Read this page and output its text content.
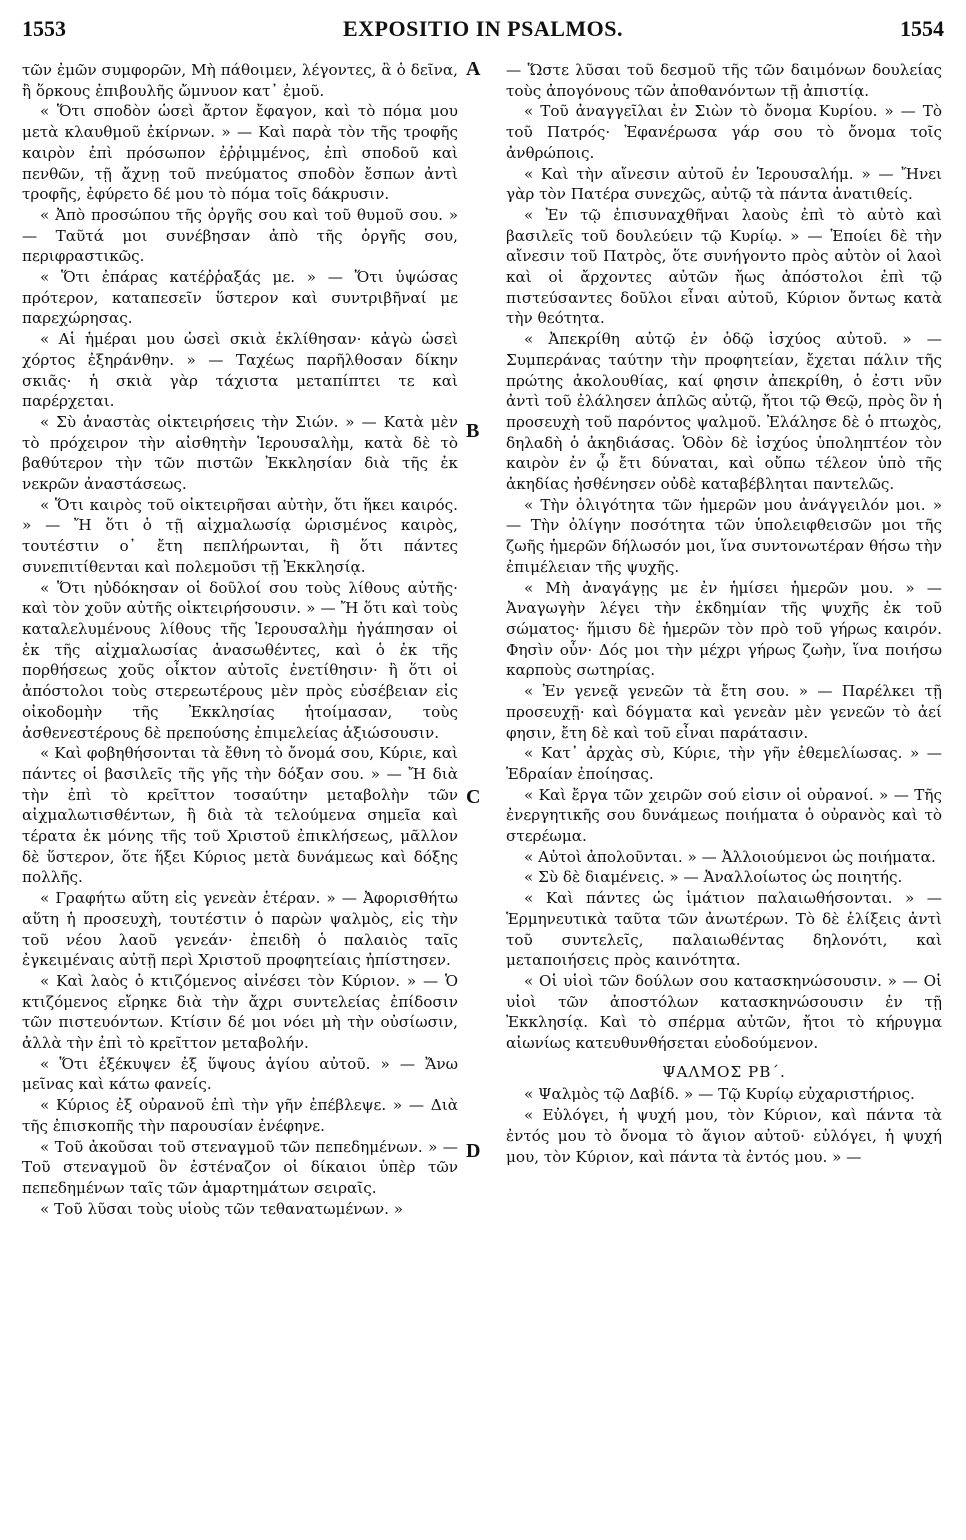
1553	EXPOSITIO IN PSALMOS.	1554
A
B
C
D

τῶν ἐμῶν συμφορῶν, Μὴ πάθοιμεν, λέγοντες, ἃ ὁ δεῖνα, ἢ ὅρκους ἐπιβουλῆς ὤμνυον κατ᾽ ἐμοῦ.

« Ὅτι σποδὸν ὡσεὶ ἄρτον ἔφαγον, καὶ τὸ πόμα μου μετὰ κλαυθμοῦ ἐκίρνων. » — Καὶ παρὰ τὸν τῆς τροφῆς καιρὸν ἐπὶ πρόσωπον ἐῤῥιμμένος, ἐπὶ σποδοῦ καὶ πενθῶν, τῇ ἄχνῃ τοῦ πνεύματος σποδὸν ἔσπων ἀντὶ τροφῆς, ἐφύρετο δέ μου τὸ πόμα τοῖς δάκρυσιν.

« Ἀπὸ προσώπου τῆς ὀργῆς σου καὶ τοῦ θυμοῦ σου. » — Ταῦτά μοι συνέβησαν ἀπὸ τῆς ὀργῆς σου, περιφραστικῶς.

« Ὅτι ἐπάρας κατέῤῥαξάς με. » — Ὅτι ὑψώσας πρότερον, καταπεσεῖν ὕστερον καὶ συντριβῆναί με παρεχώρησας.

« Αἱ ἡμέραι μου ὡσεὶ σκιὰ ἐκλίθησαν· κἀγὼ ὡσεὶ χόρτος ἐξηράνθην. » — Ταχέως παρῆλθοσαν δίκην σκιᾶς· ἡ σκιὰ γὰρ τάχιστα μεταπίπτει τε καὶ παρέρχεται.

« Σὺ ἀναστὰς οἰκτειρήσεις τὴν Σιών. » — Κατὰ μὲν τὸ πρόχειρον τὴν αἰσθητὴν Ἱερουσαλὴμ, κατὰ δὲ τὸ βαθύτερον τὴν τῶν πιστῶν Ἐκκλησίαν διὰ τῆς ἐκ νεκρῶν ἀναστάσεως.

« Ὅτι καιρὸς τοῦ οἰκτειρῆσαι αὐτὴν, ὅτι ἥκει καιρός. » — Ἤ ὅτι ὁ τῇ αἰχμαλωσίᾳ ὡρισμένος καιρὸς, τουτέστιν ο᾽ ἔτη πεπλήρωνται, ἢ ὅτι πάντες συνεπιτίθενται καὶ πολεμοῦσι τῇ Ἐκκλησίᾳ.

« Ὅτι ηὐδόκησαν οἱ δοῦλοί σου τοὺς λίθους αὐτῆς· καὶ τὸν χοῦν αὐτῆς οἰκτειρήσουσιν. » — Ἤ ὅτι καὶ τοὺς καταλελυμένους λίθους τῆς Ἱερουσαλὴμ ἠγάπησαν οἱ ἐκ τῆς αἰχμαλωσίας ἀνασωθέντες, καὶ ὁ ἐκ τῆς πορθήσεως χοῦς οἶκτον αὐτοῖς ἐνετίθησιν· ἢ ὅτι οἱ ἀπόστολοι τοὺς στερεωτέρους μὲν πρὸς εὐσέβειαν εἰς οἰκοδομὴν τῆς Ἐκκλησίας ἡτοίμασαν, τοὺς ἀσθενεστέρους δὲ πρεπούσης ἐπιμελείας ἀξιώσουσιν.

« Καὶ φοβηθήσονται τὰ ἔθνη τὸ ὄνομά σου, Κύριε, καὶ πάντες οἱ βασιλεῖς τῆς γῆς τὴν δόξαν σου. » — Ἤ διὰ τὴν ἐπὶ τὸ κρεῖττον τοσαύτην μεταβολὴν τῶν αἰχμαλωτισθέντων, ἢ διὰ τὰ τελούμενα σημεῖα καὶ τέρατα ἐκ μόνης τῆς τοῦ Χριστοῦ ἐπικλήσεως, μᾶλλον δὲ ὕστερον, ὅτε ἥξει Κύριος μετὰ δυνάμεως καὶ δόξης πολλῆς.

« Γραφήτω αὕτη εἰς γενεὰν ἑτέραν. » — Ἀφορισθήτω αὕτη ἡ προσευχὴ, τουτέστιν ὁ παρὼν ψαλμὸς, εἰς τὴν τοῦ νέου λαοῦ γενεάν· ἐπειδὴ ὁ παλαιὸς ταῖς ἐγκειμέναις αὐτῇ περὶ Χριστοῦ προφητείαις ἠπίστησεν.

« Καὶ λαὸς ὁ κτιζόμενος αἰνέσει τὸν Κύριον. » — Ὁ κτιζόμενος εἴρηκε διὰ τὴν ἄχρι συντελείας ἐπίδοσιν τῶν πιστευόντων. Κτίσιν δέ μοι νόει μὴ τὴν οὐσίωσιν, ἀλλὰ τὴν ἐπὶ τὸ κρεῖττον μεταβολήν.

« Ὅτι ἐξέκυψεν ἐξ ὕψους ἁγίου αὐτοῦ. » — Ἄνω μεῖνας καὶ κάτω φανείς.

« Κύριος ἐξ οὐρανοῦ ἐπὶ τὴν γῆν ἐπέβλεψε. » — Διὰ τῆς ἐπισκοπῆς τὴν παρουσίαν ἐνέφηνε.

« Τοῦ ἀκοῦσαι τοῦ στεναγμοῦ τῶν πεπεδημένων. » — Τοῦ στεναγμοῦ ὃν ἐστέναζον οἱ δίκαιοι ὑπὲρ τῶν πεπεδημένων ταῖς τῶν ἁμαρτημάτων σειραῖς.

« Τοῦ λῦσαι τοὺς υἱοὺς τῶν τεθανατωμένων. »

— Ὥστε λῦσαι τοῦ δεσμοῦ τῆς τῶν δαιμόνων δουλείας τοὺς ἀπογόνους τῶν ἀποθανόντων τῇ ἀπιστίᾳ.

« Τοῦ ἀναγγεῖλαι ἐν Σιὼν τὸ ὄνομα Κυρίου. » — Τὸ τοῦ Πατρός· Ἐφανέρωσα γάρ σου τὸ ὄνομα τοῖς ἀνθρώποις.

« Καὶ τὴν αἴνεσιν αὐτοῦ ἐν Ἱερουσαλήμ. » — Ἤνει γὰρ τὸν Πατέρα συνεχῶς, αὐτῷ τὰ πάντα ἀνατιθείς.

« Ἐν τῷ ἐπισυναχθῆναι λαοὺς ἐπὶ τὸ αὐτὸ καὶ βασιλεῖς τοῦ δουλεύειν τῷ Κυρίῳ. » — Ἐποίει δὲ τὴν αἴνεσιν τοῦ Πατρὸς, ὅτε συνήγοντο πρὸς αὐτὸν οἱ λαοὶ καὶ οἱ ἄρχοντες αὐτῶν ἤως ἀπόστολοι ἐπὶ τῷ πιστεύσαντες δοῦλοι εἶναι αὐτοῦ, Κύριον ὄντως κατὰ τὴν θεότητα.

« Ἀπεκρίθη αὐτῷ ἐν ὁδῷ ἰσχύος αὐτοῦ. » — Συμπεράνας ταύτην τὴν προφητείαν, ἔχεται πάλιν τῆς πρώτης ἀκολουθίας, καί φησιν ἀπεκρίθη, ὁ ἐστι νῦν ἀντὶ τοῦ ἐλάλησεν ἁπλῶς αὐτῷ, ἤτοι τῷ Θεῷ, πρὸς ὃν ἡ προσευχὴ τοῦ παρόντος ψαλμοῦ. Ἐλάλησε δὲ ὁ πτωχὸς, δηλαδὴ ὁ ἀκηδιάσας. Ὁδὸν δὲ ἰσχύος ὑποληπτέον τὸν καιρὸν ἐν ᾧ ἔτι δύναται, καὶ οὔπω τέλεον ὑπὸ τῆς ἀκηδίας ἠσθένησεν οὐδὲ καταβέβληται παντελῶς.

« Τὴν ὀλιγότητα τῶν ἡμερῶν μου ἀνάγγειλόν μοι. » — Τὴν ὀλίγην ποσότητα τῶν ὑπολειφθεισῶν μοι τῆς ζωῆς ἡμερῶν δήλωσόν μοι, ἵνα συντονωτέραν θήσω τὴν ἐπιμέλειαν τῆς ψυχῆς.

« Μὴ ἀναγάγῃς με ἐν ἡμίσει ἡμερῶν μου. » — Ἀναγωγὴν λέγει τὴν ἐκδημίαν τῆς ψυχῆς ἐκ τοῦ σώματος· ἥμισυ δὲ ἡμερῶν τὸν πρὸ τοῦ γήρως καιρόν. Φησὶν οὖν· Δός μοι τὴν μέχρι γήρως ζωὴν, ἵνα ποιήσω καρποὺς σωτηρίας.

« Ἐν γενεᾷ γενεῶν τὰ ἔτη σου. » — Παρέλκει τῇ προσευχῇ· καὶ δόγματα καὶ γενεὰν μὲν γενεῶν τὸ ἀεί φησιν, ἔτη δὲ καὶ τοῦ εἶναι παράτασιν.

« Κατ᾽ ἀρχὰς σὺ, Κύριε, τὴν γῆν ἐθεμελίωσας. » — Ἑδραίαν ἐποίησας.

« Καὶ ἔργα τῶν χειρῶν σού εἰσιν οἱ οὐρανοί. » — Τῆς ἐνεργητικῆς σου δυνάμεως ποιήματα ὁ οὐρανὸς καὶ τὸ στερέωμα.

« Αὐτοὶ ἀπολοῦνται. » — Ἀλλοιούμενοι ὡς ποιήματα.

« Σὺ δὲ διαμένεις. » — Ἀναλλοίωτος ὡς ποιητής.

« Καὶ πάντες ὡς ἱμάτιον παλαιωθήσονται. » — Ἑρμηνευτικὰ ταῦτα τῶν ἀνωτέρων. Τὸ δὲ ἑλίξεις ἀντὶ τοῦ συντελεῖς, παλαιωθέντας δηλονότι, καὶ μεταποιήσεις πρὸς καινότητα.

« Οἱ υἱοὶ τῶν δούλων σου κατασκηνώσουσιν. » — Οἱ υἱοὶ τῶν ἀποστόλων κατασκηνώσουσιν ἐν τῇ Ἐκκλησίᾳ. Καὶ τὸ σπέρμα αὐτῶν, ἤτοι τὸ κήρυγμα αἰωνίως κατευθυνθήσεται εὐοδούμενον.

ΨΑΛΜΟΣ ΡΒ΄.

« Ψαλμὸς τῷ Δαβίδ. » — Τῷ Κυρίῳ εὐχαριστήριος.

« Εὐλόγει, ἡ ψυχή μου, τὸν Κύριον, καὶ πάντα τὰ ἐντός μου τὸ ὄνομα τὸ ἅγιον αὐτοῦ· εὐλόγει, ἡ ψυχή μου, τὸν Κύριον, καὶ πάντα τὰ ἐντός μου. » —
